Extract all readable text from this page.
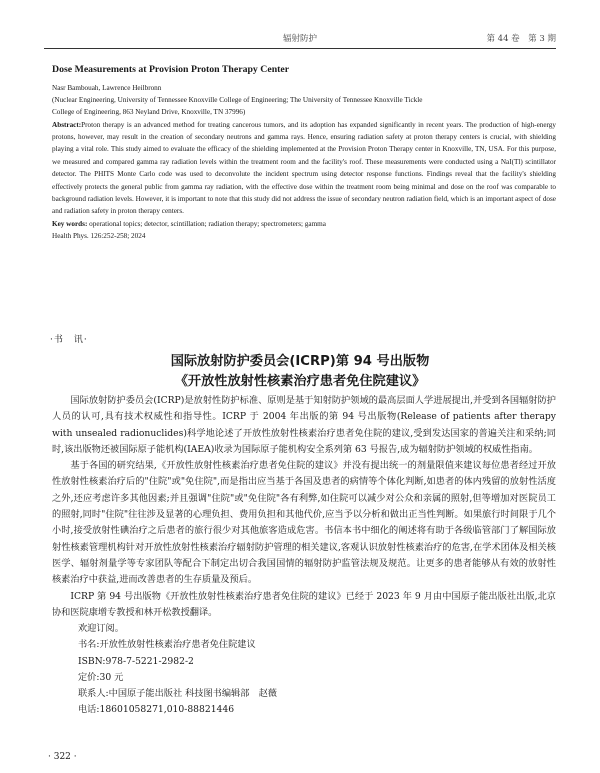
辐射防护	第 44 卷　第 3 期

Dose Measurements at Provision Proton Therapy Center

Nasr Bambouah, Lawrence Heilbronn

(Nuclear Engineering, University of Tennessee Knoxville College of Engineering; The University of Tennessee Knoxville Tickle

College of Engineering, 863 Neyland Drive, Knoxville, TN 37996)

Abstract:Proton therapy is an advanced method for treating cancerous tumors, and its adoption has expanded significantly in recent years. The production of high-energy protons, however, may result in the creation of secondary neutrons and gamma rays. Hence, ensuring radiation safety at proton therapy centers is crucial, with shielding playing a vital role. This study aimed to evaluate the efficacy of the shielding implemented at the Provision Proton Therapy center in Knoxville, TN, USA. For this purpose, we measured and compared gamma ray radiation levels within the treatment room and the facility's roof. These measurements were conducted using a NaI(Tl) scintillator detector. The PHITS Monte Carlo code was used to deconvolute the incident spectrum using detector response functions. Findings reveal that the facility's shielding effectively protects the general public from gamma ray radiation, with the effective dose within the treatment room being minimal and dose on the roof was comparable to background radiation levels. However, it is important to note that this study did not address the issue of secondary neutron radiation field, which is an important aspect of dose and radiation safety in proton therapy centers.

Key words: operational topics; detector, scintillation; radiation therapy; spectrometers; gamma

Health Phys. 126:252-258; 2024

·书　讯·
国际放射防护委员会(ICRP)第 94 号出版物
《开放性放射性核素治疗患者免住院建议》

国际放射防护委员会(ICRP)是放射性防护标准、原则是基于知射防护领域的最高层面人学进展提出,并受到各国辐射防护人员的认可,具有技术权威性和指导性。ICRP 于 2004 年出版的第 94 号出版物(Release of patients after therapy with unsealed radionuclides)科学地论述了开放性放射性核素治疗患者免住院的建议,受到发达国家的普遍关注和采纳;同时,该出版物还被国际原子能机构(IAEA)收录为国际原子能机构安全系列第 63 号报告,成为辐射防护领域的权威性指南。

基于各国的研究结果,《开放性放射性核素治疗患者免住院的建议》并没有提出统一的剂量限值来建议每位患者经过开放性放射性核素治疗后的"住院"或"免住院",而是指出应当基于各国及患者的病情等个体化判断,如患者的体内残留的放射性活度之外,还应考虑许多其他因素;并且强调"住院"或"免住院"各有利弊,如住院可以减少对公众和亲属的照射,但等增加对医院员工的照射,同时"住院"往往涉及显著的心理负担、费用负担和其他代价,应当予以分析和做出正当性判断。如果旅行时间限于几个小时,接受放射性碘治疗之后患者的旅行很少对其他旅客造成危害。书信本书中细化的阐述将有助于各级临管部门了解国际放射性核素管理机构针对开放性放射性核素治疗辐射防护管理的相关建议,客观认识放射性核素治疗的危害,在学术团体及相关核医学、辐射剂量学等专家团队等配合下制定出切合我国国情的辐射防护监管法规及规范。让更多的患者能够从有效的放射性核素治疗中获益,进而改善患者的生存质量及预后。

ICRP 第 94 号出版物《开放性放射性核素治疗患者免住院的建议》已经于 2023 年 9 月由中国原子能出版社出版,北京协和医院康增专教授和林开松教授翻译。

欢迎订阅。

书名:开放性放射性核素治疗患者免住院建议

ISBN:978-7-5221-2982-2

定价:30 元

联系人:中国原子能出版社 科技图书编辑部　赵薇

电话:18601058271,010-88821446

· 322 ·
